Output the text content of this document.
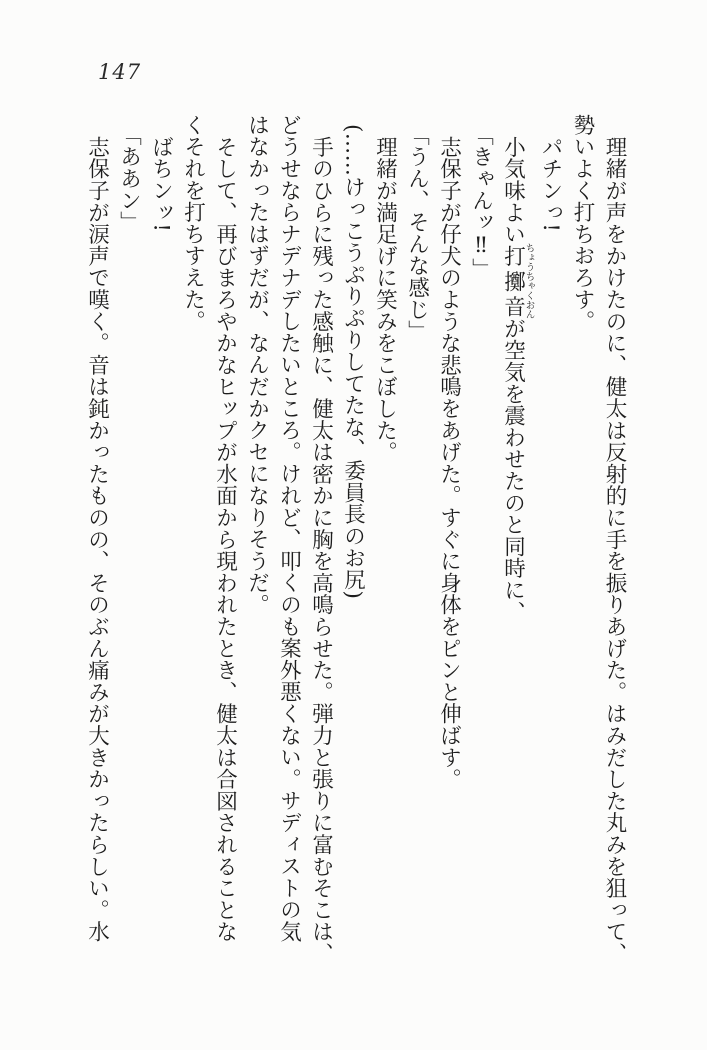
147

理緒が声をかけたのに、健太は反射的に手を振りあげた。はみだした丸みを狙って、

勢いよく打ちおろす。

パチンっ!

小気味よい打擲音ちょうちゃくおんが空気を震わせたのと同時に、

「きゃんッ‼」

志保子が仔犬のような悲鳴をあげた。すぐに身体をピンと伸ばす。

「うん、そんな感じ」

理緒が満足げに笑みをこぼした。

(……けっこうぷりぷりしてたな、委員長のお尻)

手のひらに残った感触に、健太は密かに胸を高鳴らせた。弾力と張りに富むそこは、

どうせならナデナデしたいところ。けれど、叩くのも案外悪くない。サディストの気

はなかったはずだが、なんだかクセになりそうだ。

そして、再びまろやかなヒップが水面から現われたとき、健太は合図されることな

くそれを打ちすえた。

ばちンッ!

「ああン」

志保子が涙声で嘆く。音は鈍かったものの、そのぶん痛みが大きかったらしい。水
